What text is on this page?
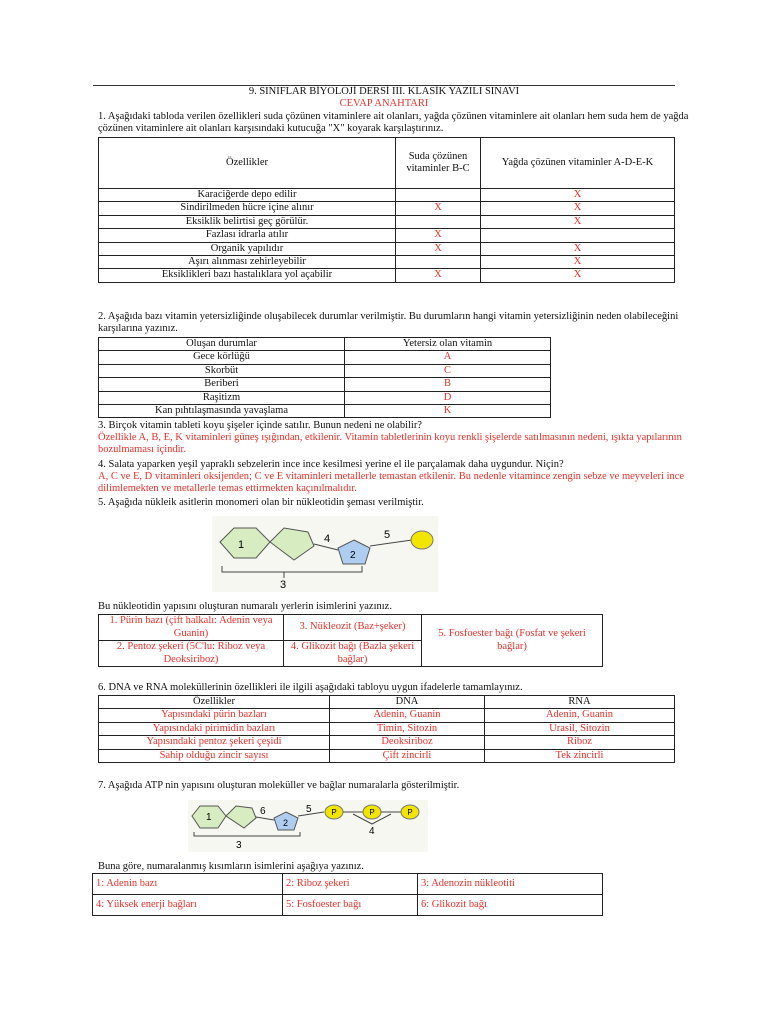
9. SINIFLAR BİYOLOJİ DERSİ III. KLASİK YAZILI SINAVI
CEVAP ANAHTARI
1. Aşağıdaki tabloda verilen özellikleri suda çözünen vitaminlere ait olanları, yağda çözünen vitaminlere ait olanları hem suda hem de yağda çözünen vitaminlere ait olanları karşısındaki kutucuğa "X" koyarak karşılaştırınız.
Özellikler	Suda çözünen vitaminler B-C	Yağda çözünen vitaminler A-D-E-K
Karaciğerde depo edilir		X
Sindirilmeden hücre içine alınır	X	X
Eksiklik belirtisi geç görülür.		X
Fazlası idrarla atılır	X	
Organik yapılıdır	X	X
Aşırı alınması zehirleyebilir		X
Eksiklikleri bazı hastalıklara yol açabilir	X	X
2. Aşağıda bazı vitamin yetersizliğinde oluşabilecek durumlar verilmiştir. Bu durumların hangi vitamin yetersizliğinin neden olabileceğini karşılarına yazınız.
Oluşan durumlar	Yetersiz olan vitamin
Gece körlüğü	A
Skorbüt	C
Beriberi	B
Raşitizm	D
Kan pıhtılaşmasında yavaşlama	K
3. Birçok vitamin tableti koyu şişeler içinde satılır. Bunun nedeni ne olabilir?
Özellikle A, B, E, K vitaminleri güneş ışığından, etkilenir. Vitamin tabletlerinin koyu renkli şişelerde satılmasının nedeni, ışıkta yapılarının bozulmaması içindir.
4. Salata yaparken yeşil yapraklı sebzelerin ince ince kesilmesi yerine el ile parçalamak daha uygundur. Niçin?
A, C ve E, D vitaminleri oksijenden; C ve E vitaminleri metallerle temastan etkilenir. Bu nedenle vitamince zengin sebze ve meyveleri ince dilimlemekten ve metallerle temas ettirmekten kaçınılmalıdır.
5. Aşağıda nükleik asitlerin monomeri olan bir nükleotidin şeması verilmiştir.
1
2
3
4	5
Bu nükleotidin yapısını oluşturan numaralı yerlerin isimlerini yazınız.
1. Pürin bazı (çift halkalı: Adenin veya Guanin)	3. Nükleozit (Baz+şeker)	5. Fosfoester bağı (Fosfat ve şekeri bağlar)
2. Pentoz şekeri (5C'lu: Riboz veya Deoksiriboz)	4. Glikozit bağı (Bazla şekeri bağlar)	
6. DNA ve RNA moleküllerinin özellikleri ile ilgili aşağıdaki tabloyu uygun ifadelerle tamamlayınız.
Özellikler	DNA	RNA
Yapısındaki pürin bazları	Adenin, Guanin	Adenin, Guanin
Yapısındaki pirimidin bazları	Timin, Sitozin	Urasil, Sitozin
Yapısındaki pentoz şekeri çeşidi	Deoksiriboz	Riboz
Sahip olduğu zincir sayısı	Çift zincirli	Tek zincirli
7. Aşağıda ATP nin yapısını oluşturan moleküller ve bağlar numaralarla gösterilmiştir.
P	P	P
1	2
3
4
5
6
Buna göre, numaralanmış kısımların isimlerini aşağıya yazınız.
1: Adenin bazı	2: Riboz şekeri	3: Adenozin nükleotiti
4: Yüksek enerji bağları	5: Fosfoester bağı	6: Glikozit bağı
